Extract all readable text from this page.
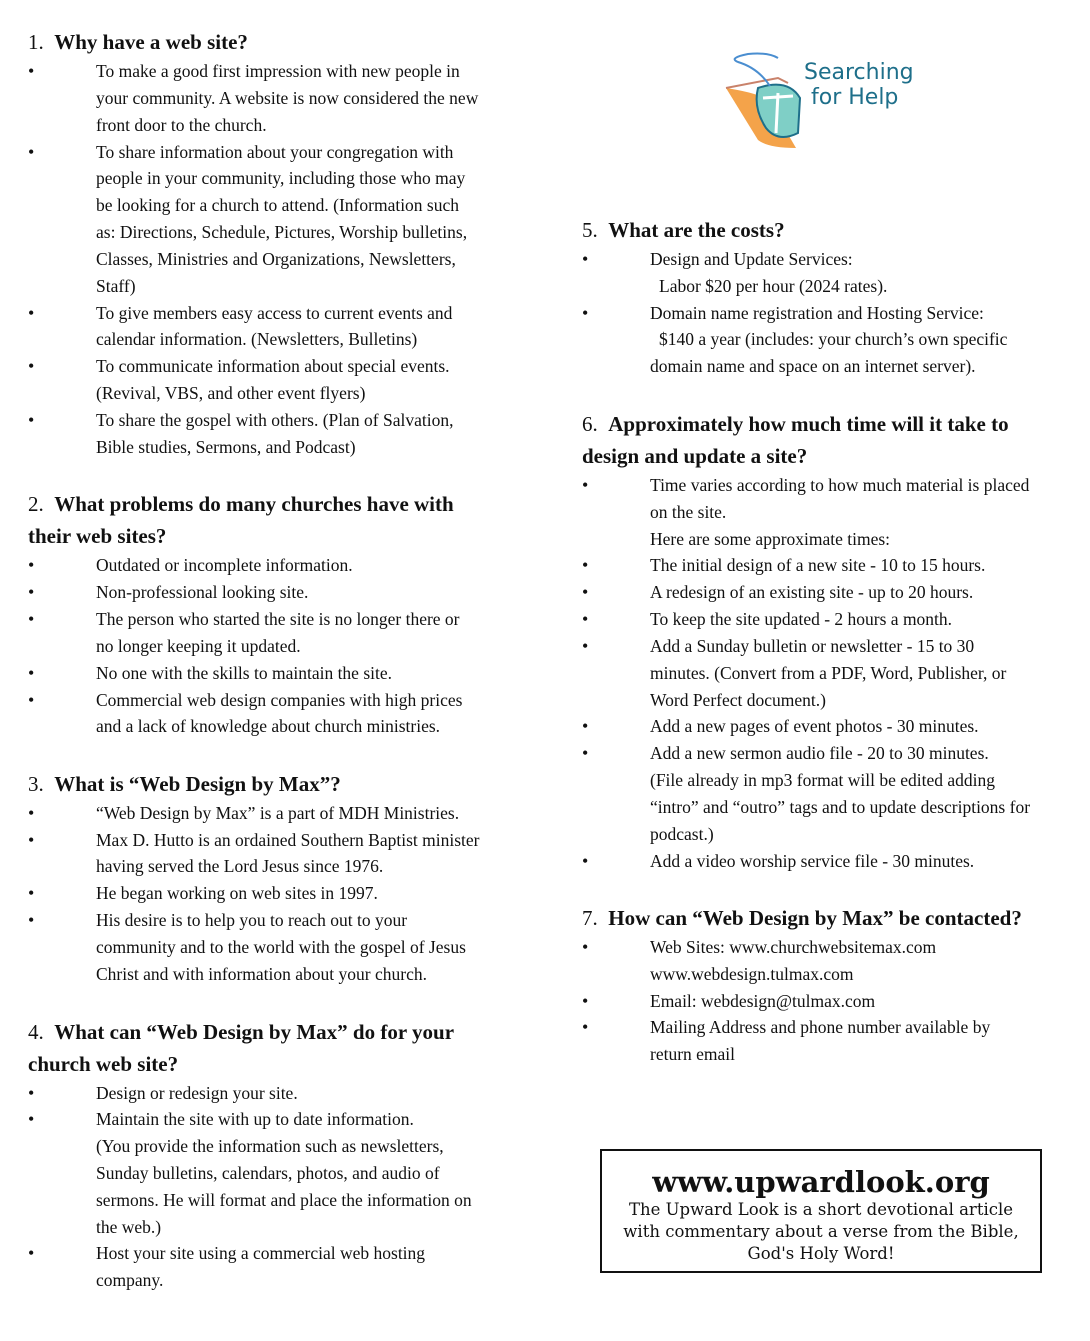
Searching
for Help
1. Why have a web site?
•
•
•
•
•
To make a good first impression with new people in
your community. A website is now considered the new
front door to the church.
To share information about your congregation with
people in your community, including those who may
be looking for a church to attend. (Information such
as: Directions, Schedule, Pictures, Worship bulletins,
Classes, Ministries and Organizations, Newsletters,
Staff)
To give members easy access to current events and
calendar information. (Newsletters, Bulletins)
To communicate information about special events.
(Revival, VBS, and other event flyers)
To share the gospel with others. (Plan of Salvation,
Bible studies, Sermons, and Podcast)
2. What problems do many churches have with
their web sites?
•
•
•
•
•
Outdated or incomplete information.
Non-professional looking site.
The person who started the site is no longer there or
no longer keeping it updated.
No one with the skills to maintain the site.
Commercial web design companies with high prices
and a lack of knowledge about church ministries.
3. What is “Web Design by Max”?
•
•
•
•
“Web Design by Max” is a part of MDH Ministries.
Max D. Hutto is an ordained Southern Baptist minister
having served the Lord Jesus since 1976.
He began working on web sites in 1997.
His desire is to help you to reach out to your
community and to the world with the gospel of Jesus
Christ and with information about your church.
4. What can “Web Design by Max” do for your
church web site?
•
•
•
Design or redesign your site.
Maintain the site with up to date information.
(You provide the information such as newsletters,
Sunday bulletins, calendars, photos, and audio of
sermons. He will format and place the information on
the web.)
Host your site using a commercial web hosting
company.
5. What are the costs?
•
•
Design and Update Services:
Labor $20 per hour (2024 rates).
Domain name registration and Hosting Service:
$140 a year (includes: your church’s own specific
domain name and space on an internet server).
6. Approximately how much time will it take to
design and update a site?
•
•
•
•
•
•
•
•
Time varies according to how much material is placed
on the site.
Here are some approximate times:
The initial design of a new site - 10 to 15 hours.
A redesign of an existing site - up to 20 hours.
To keep the site updated - 2 hours a month.
Add a Sunday bulletin or newsletter - 15 to 30
minutes. (Convert from a PDF, Word, Publisher, or
Word Perfect document.)
Add a new pages of event photos - 30 minutes.
Add a new sermon audio file - 20 to 30 minutes.
(File already in mp3 format will be edited adding
“intro” and “outro” tags and to update descriptions for
podcast.)
Add a video worship service file - 30 minutes.
7. How can “Web Design by Max” be contacted?
•
•
•
Web Sites: www.churchwebsitemax.com
www.webdesign.tulmax.com
Email: webdesign@tulmax.com
Mailing Address and phone number available by
return email
www.upwardlook.org
The Upward Look is a short devotional article
with commentary about a verse from the Bible,
God's Holy Word!
